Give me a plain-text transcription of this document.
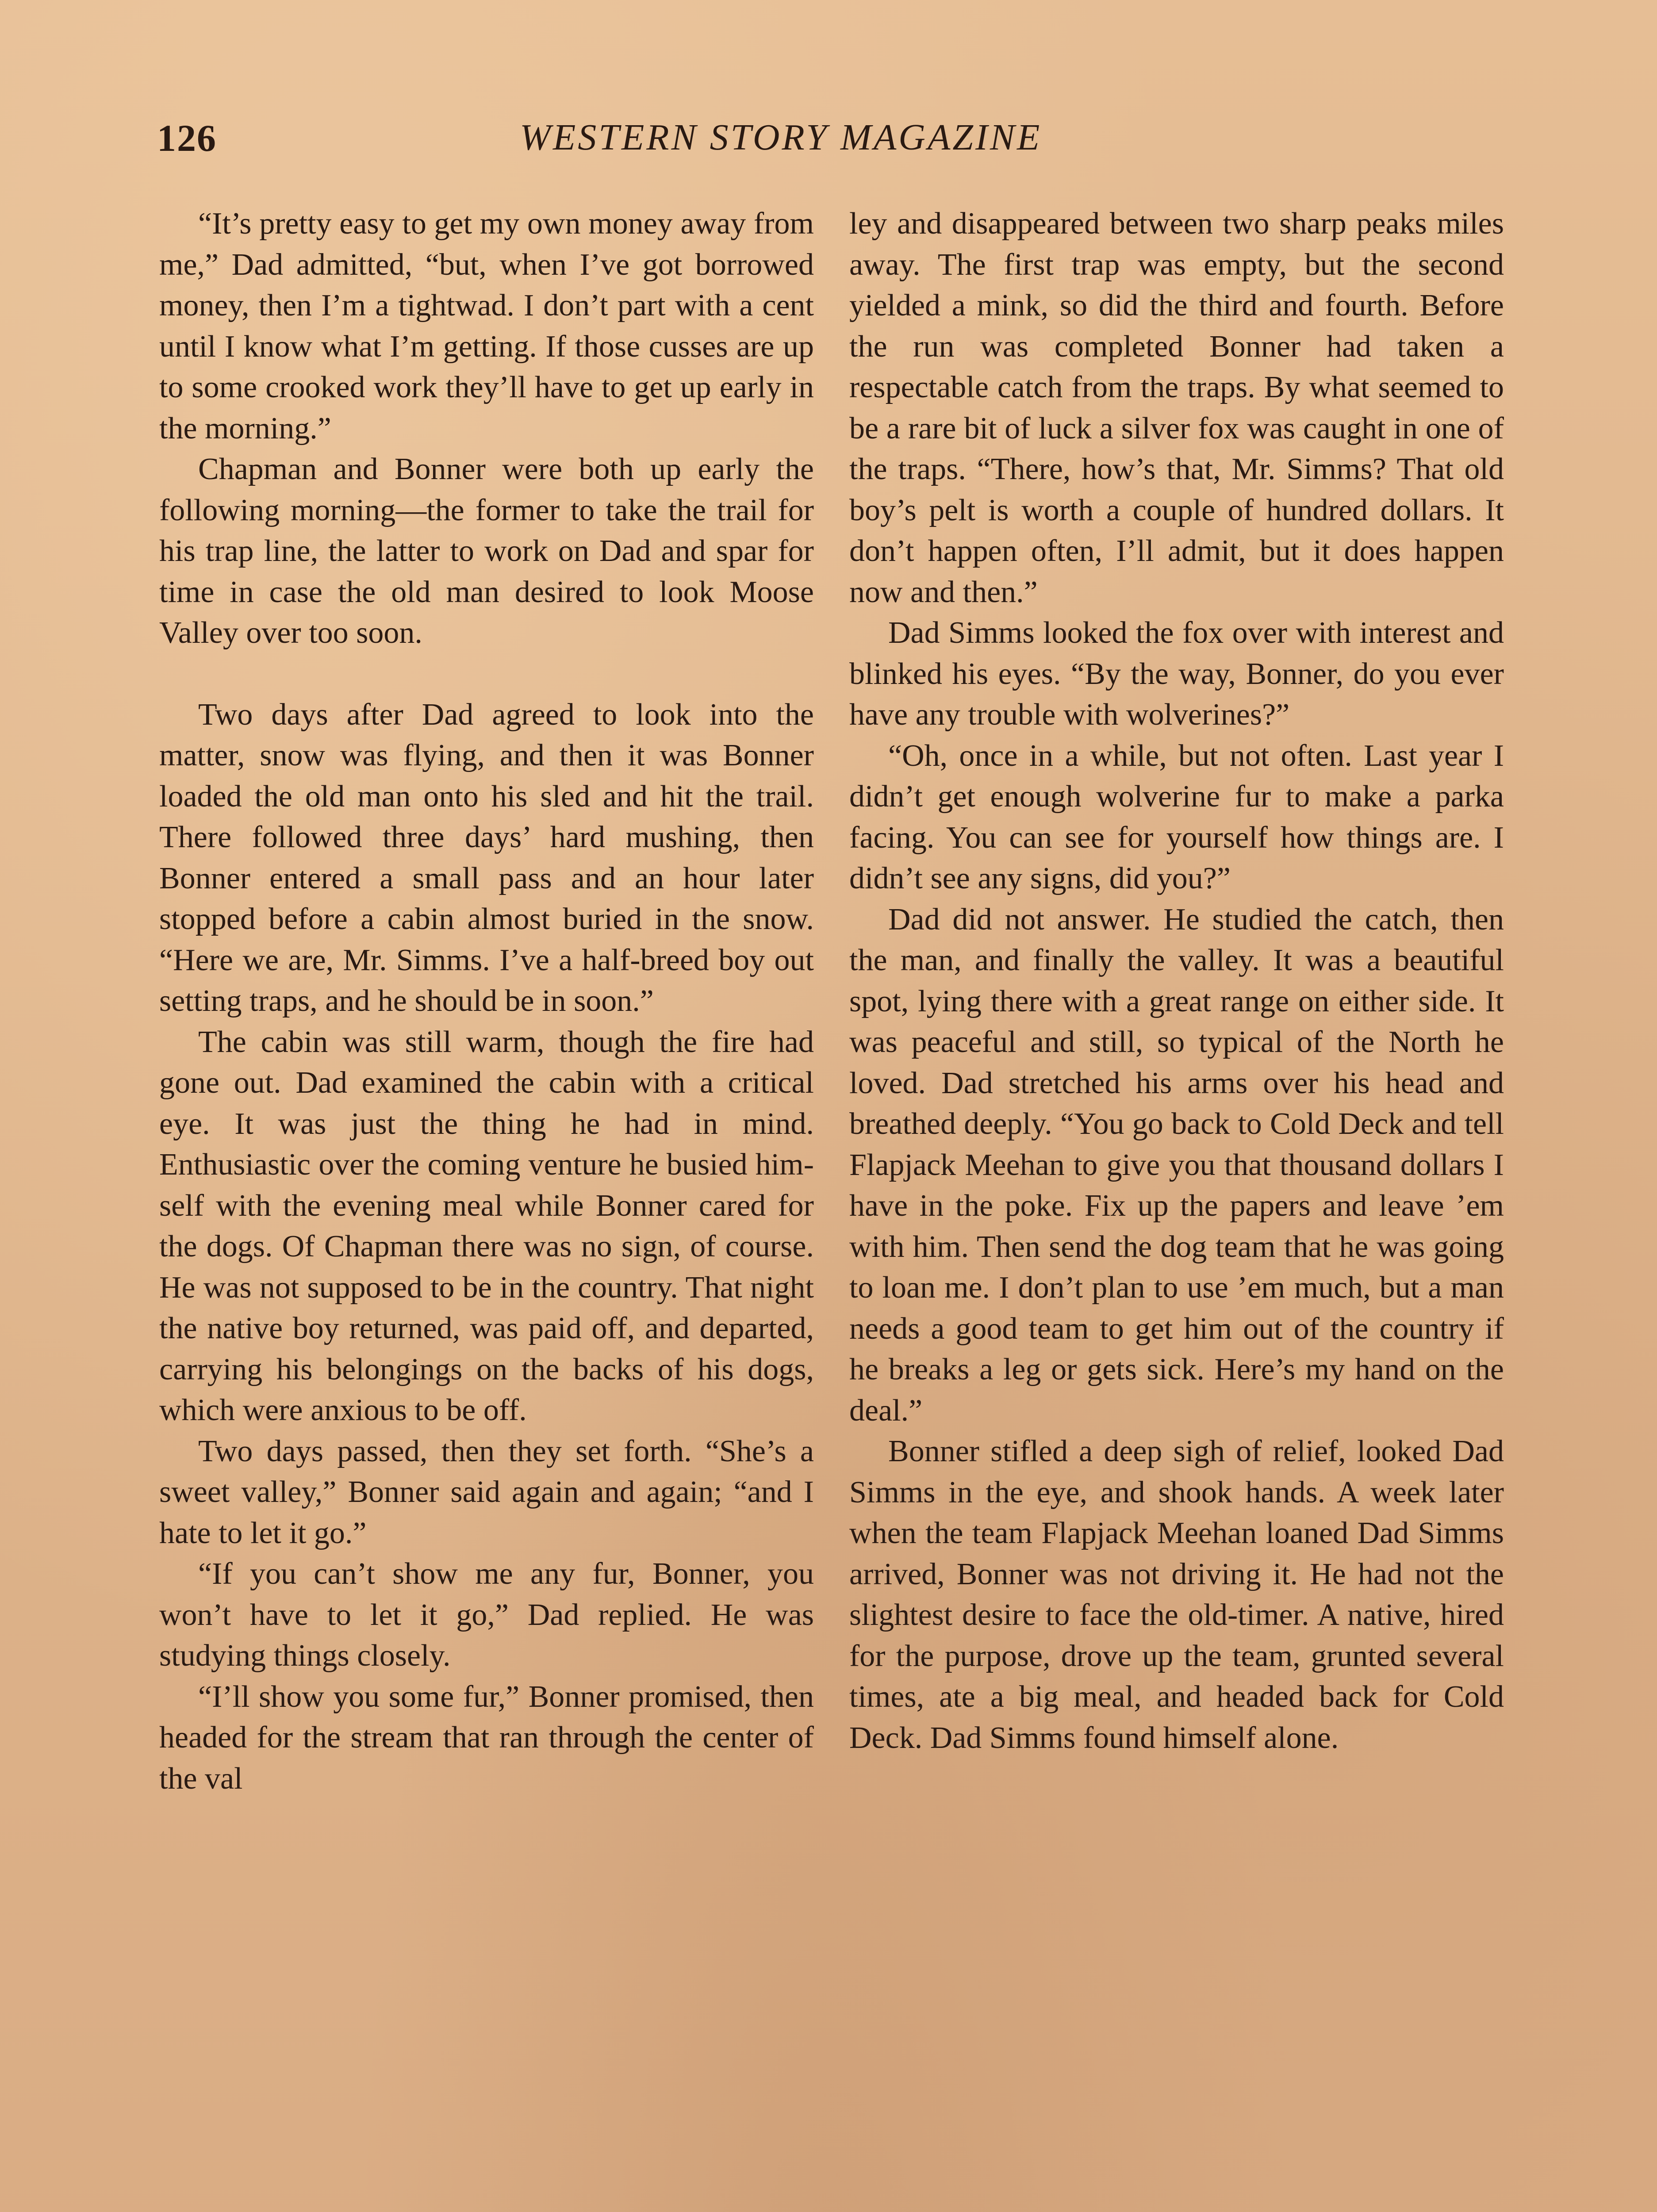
126	WESTERN STORY MAGAZINE

“It’s pretty easy to get my own money away from me,” Dad admitted, “but, when I’ve got borrowed money, then I’m a tightwad. I don’t part with a cent until I know what I’m getting. If those cusses are up to some crooked work they’ll have to get up early in the morning.”

Chapman and Bonner were both up early the following morning—the former to take the trail for his trap line, the latter to work on Dad and spar for time in case the old man desired to look Moose Valley over too soon.

Two days after Dad agreed to look into the matter, snow was flying, and then it was Bonner loaded the old man onto his sled and hit the trail. There followed three days’ hard mushing, then Bonner entered a small pass and an hour later stopped before a cabin almost buried in the snow. “Here we are, Mr. Simms. I’ve a half-breed boy out setting traps, and he should be in soon.”

The cabin was still warm, though the fire had gone out. Dad examined the cabin with a critical eye. It was just the thing he had in mind. Enthusiastic over the coming venture he busied himself with the evening meal while Bonner cared for the dogs. Of Chapman there was no sign, of course. He was not supposed to be in the country. That night the native boy returned, was paid off, and departed, carrying his belongings on the backs of his dogs, which were anxious to be off.

Two days passed, then they set forth. “She’s a sweet valley,” Bonner said again and again; “and I hate to let it go.”

“If you can’t show me any fur, Bonner, you won’t have to let it go,” Dad replied. He was studying things closely.

“I’ll show you some fur,” Bonner promised, then headed for the stream that ran through the center of the val

ley and disappeared between two sharp peaks miles away. The first trap was empty, but the second yielded a mink, so did the third and fourth. Before the run was completed Bonner had taken a respectable catch from the traps. By what seemed to be a rare bit of luck a silver fox was caught in one of the traps. “There, how’s that, Mr. Simms? That old boy’s pelt is worth a couple of hundred dollars. It don’t happen often, I’ll admit, but it does happen now and then.”

Dad Simms looked the fox over with interest and blinked his eyes. “By the way, Bonner, do you ever have any trouble with wolverines?”

“Oh, once in a while, but not often. Last year I didn’t get enough wolverine fur to make a parka facing. You can see for yourself how things are. I didn’t see any signs, did you?”

Dad did not answer. He studied the catch, then the man, and finally the valley. It was a beautiful spot, lying there with a great range on either side. It was peaceful and still, so typical of the North he loved. Dad stretched his arms over his head and breathed deeply. “You go back to Cold Deck and tell Flapjack Meehan to give you that thousand dollars I have in the poke. Fix up the papers and leave ’em with him. Then send the dog team that he was going to loan me. I don’t plan to use ’em much, but a man needs a good team to get him out of the country if he breaks a leg or gets sick. Here’s my hand on the deal.”

Bonner stifled a deep sigh of relief, looked Dad Simms in the eye, and shook hands. A week later when the team Flapjack Meehan loaned Dad Simms arrived, Bonner was not driving it. He had not the slightest desire to face the old-timer. A native, hired for the purpose, drove up the team, grunted several times, ate a big meal, and headed back for Cold Deck. Dad Simms found himself alone.
